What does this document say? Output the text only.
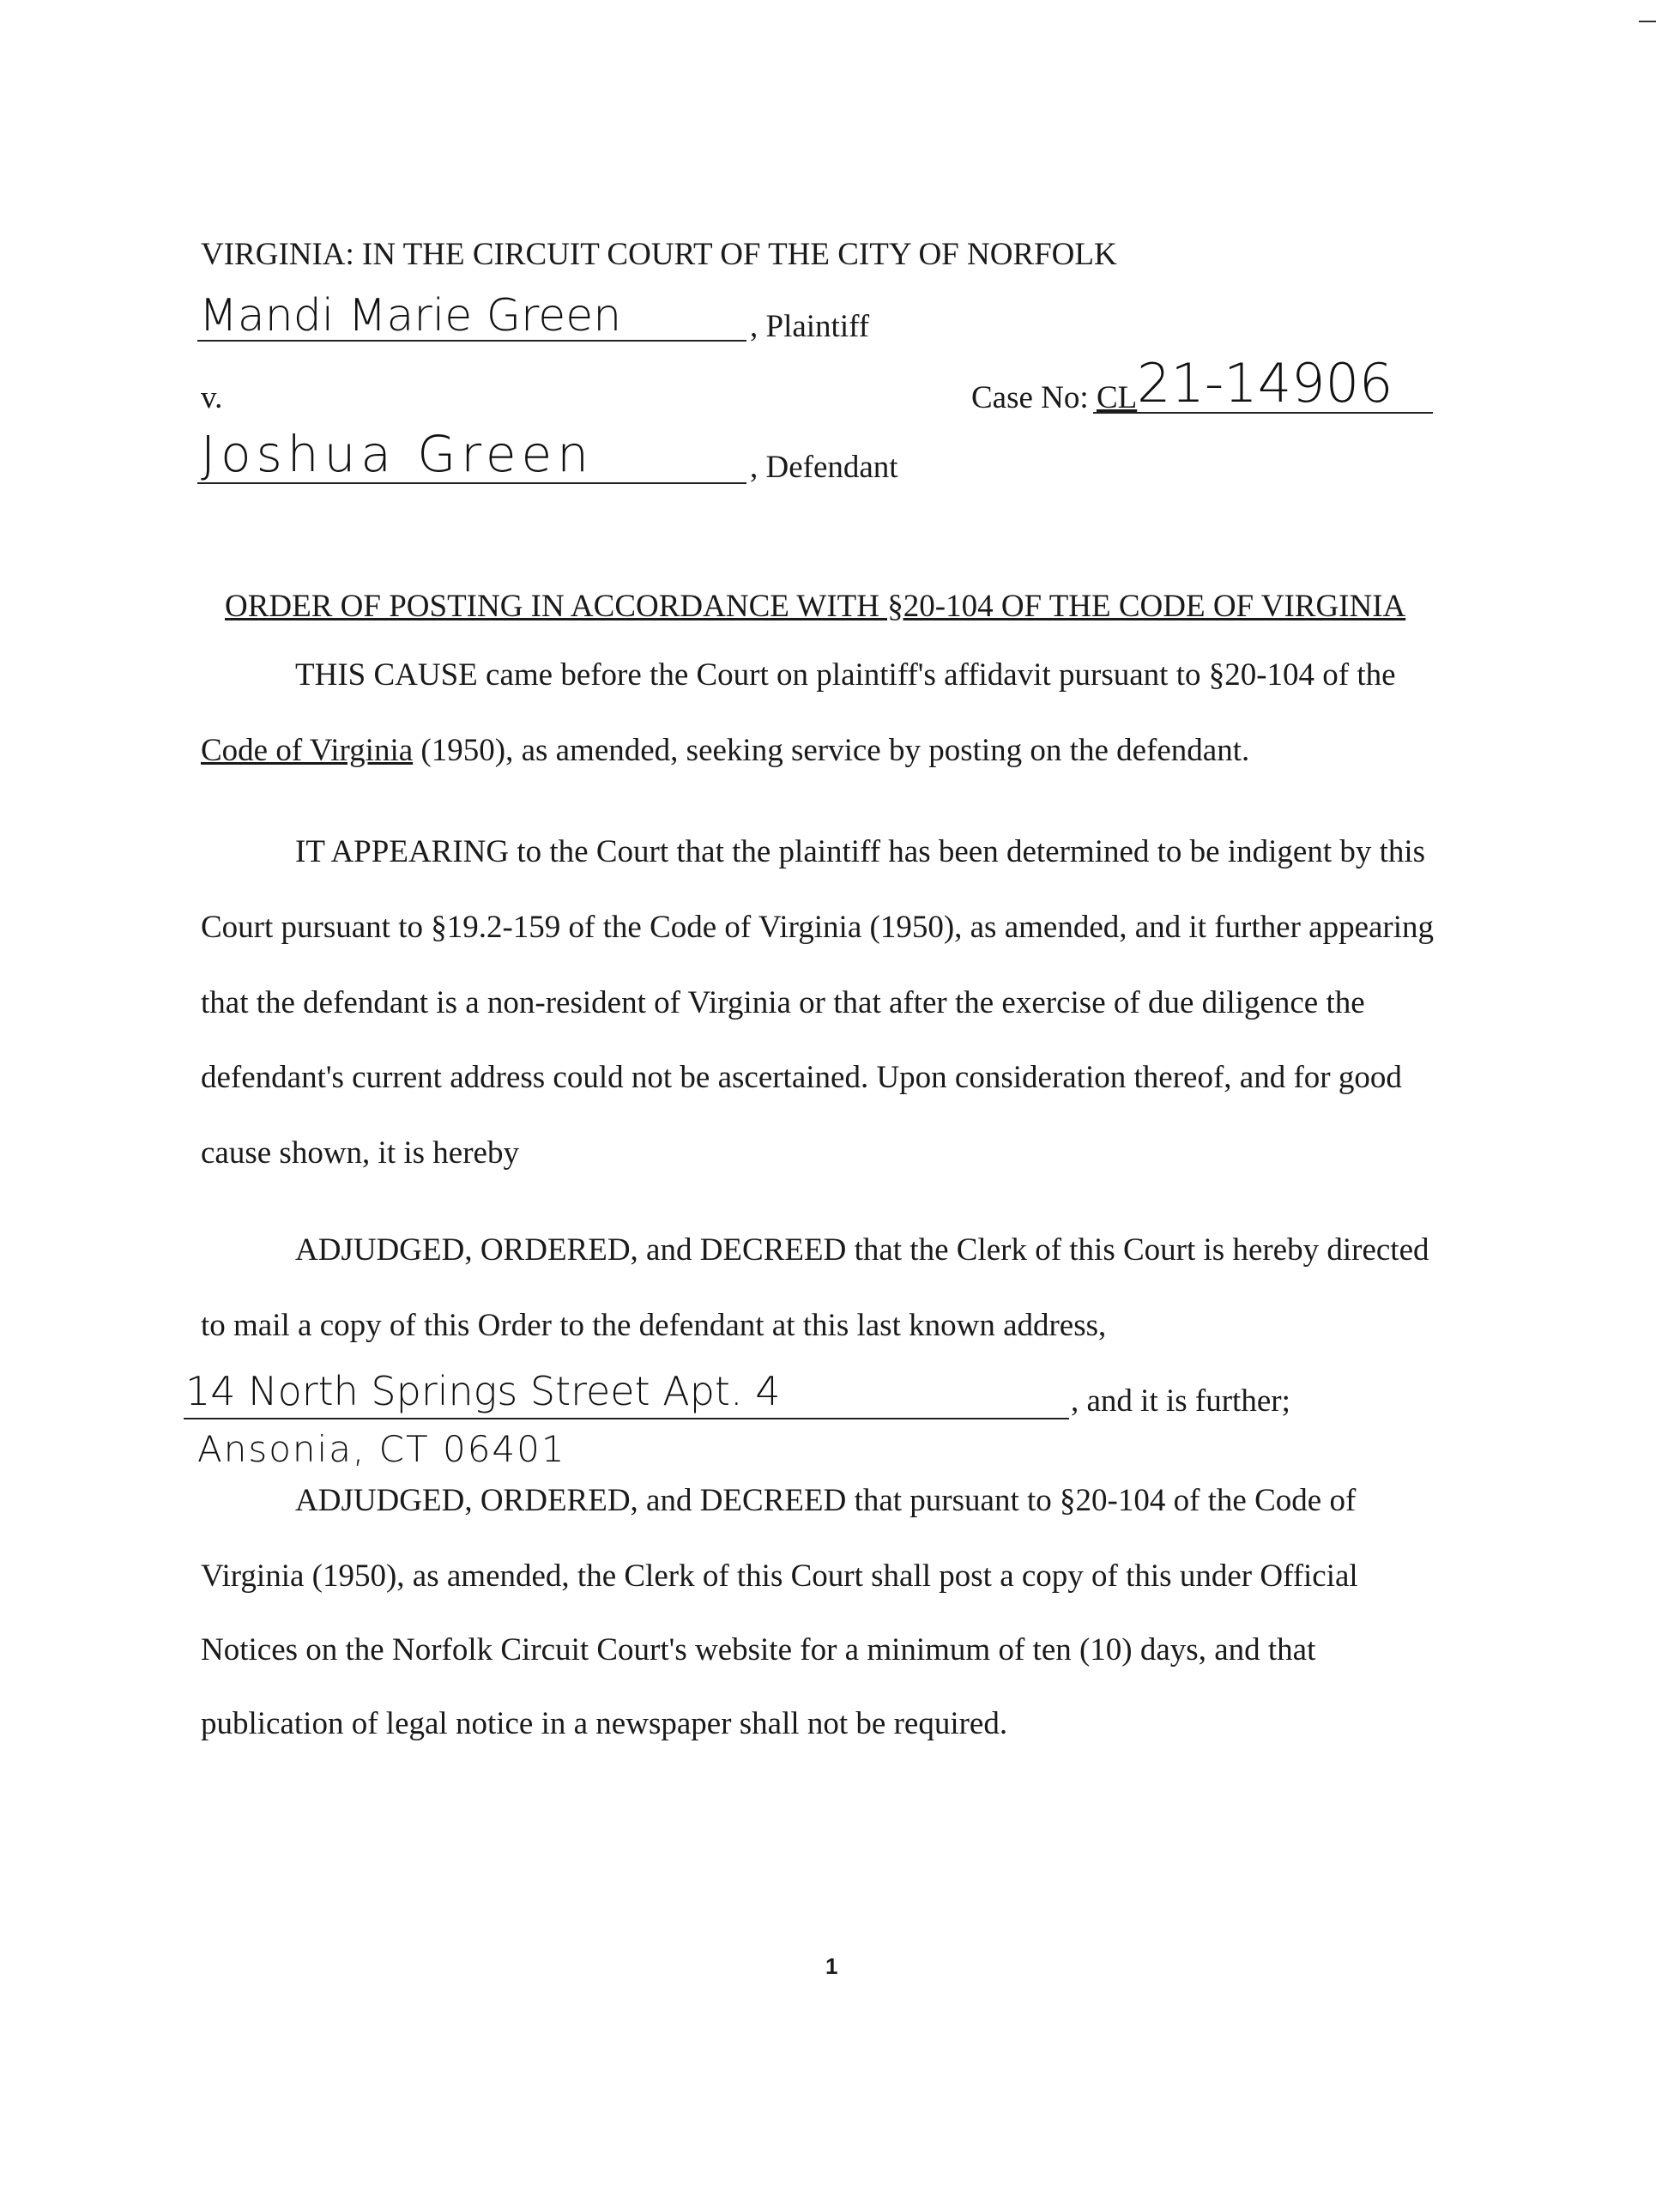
VIRGINIA: IN THE CIRCUIT COURT OF THE CITY OF NORFOLK
Mandi Marie Green	, Plaintiff
v.	Case No: CL 21-14906
Joshua Green	, Defendant
ORDER OF POSTING IN ACCORDANCE WITH §20-104 OF THE CODE OF VIRGINIA
THIS CAUSE came before the Court on plaintiff's affidavit pursuant to §20-104 of the
Code of Virginia (1950), as amended, seeking service by posting on the defendant.
IT APPEARING to the Court that the plaintiff has been determined to be indigent by this
Court pursuant to §19.2-159 of the Code of Virginia (1950), as amended, and it further appearing
that the defendant is a non-resident of Virginia or that after the exercise of due diligence the
defendant's current address could not be ascertained. Upon consideration thereof, and for good
cause shown, it is hereby
ADJUDGED, ORDERED, and DECREED that the Clerk of this Court is hereby directed
to mail a copy of this Order to the defendant at this last known address,
14 North Springs Street Apt. 4	, and it is further;
Ansonia, CT 06401
ADJUDGED, ORDERED, and DECREED that pursuant to §20-104 of the Code of
Virginia (1950), as amended, the Clerk of this Court shall post a copy of this under Official
Notices on the Norfolk Circuit Court's website for a minimum of ten (10) days, and that
publication of legal notice in a newspaper shall not be required.
1
